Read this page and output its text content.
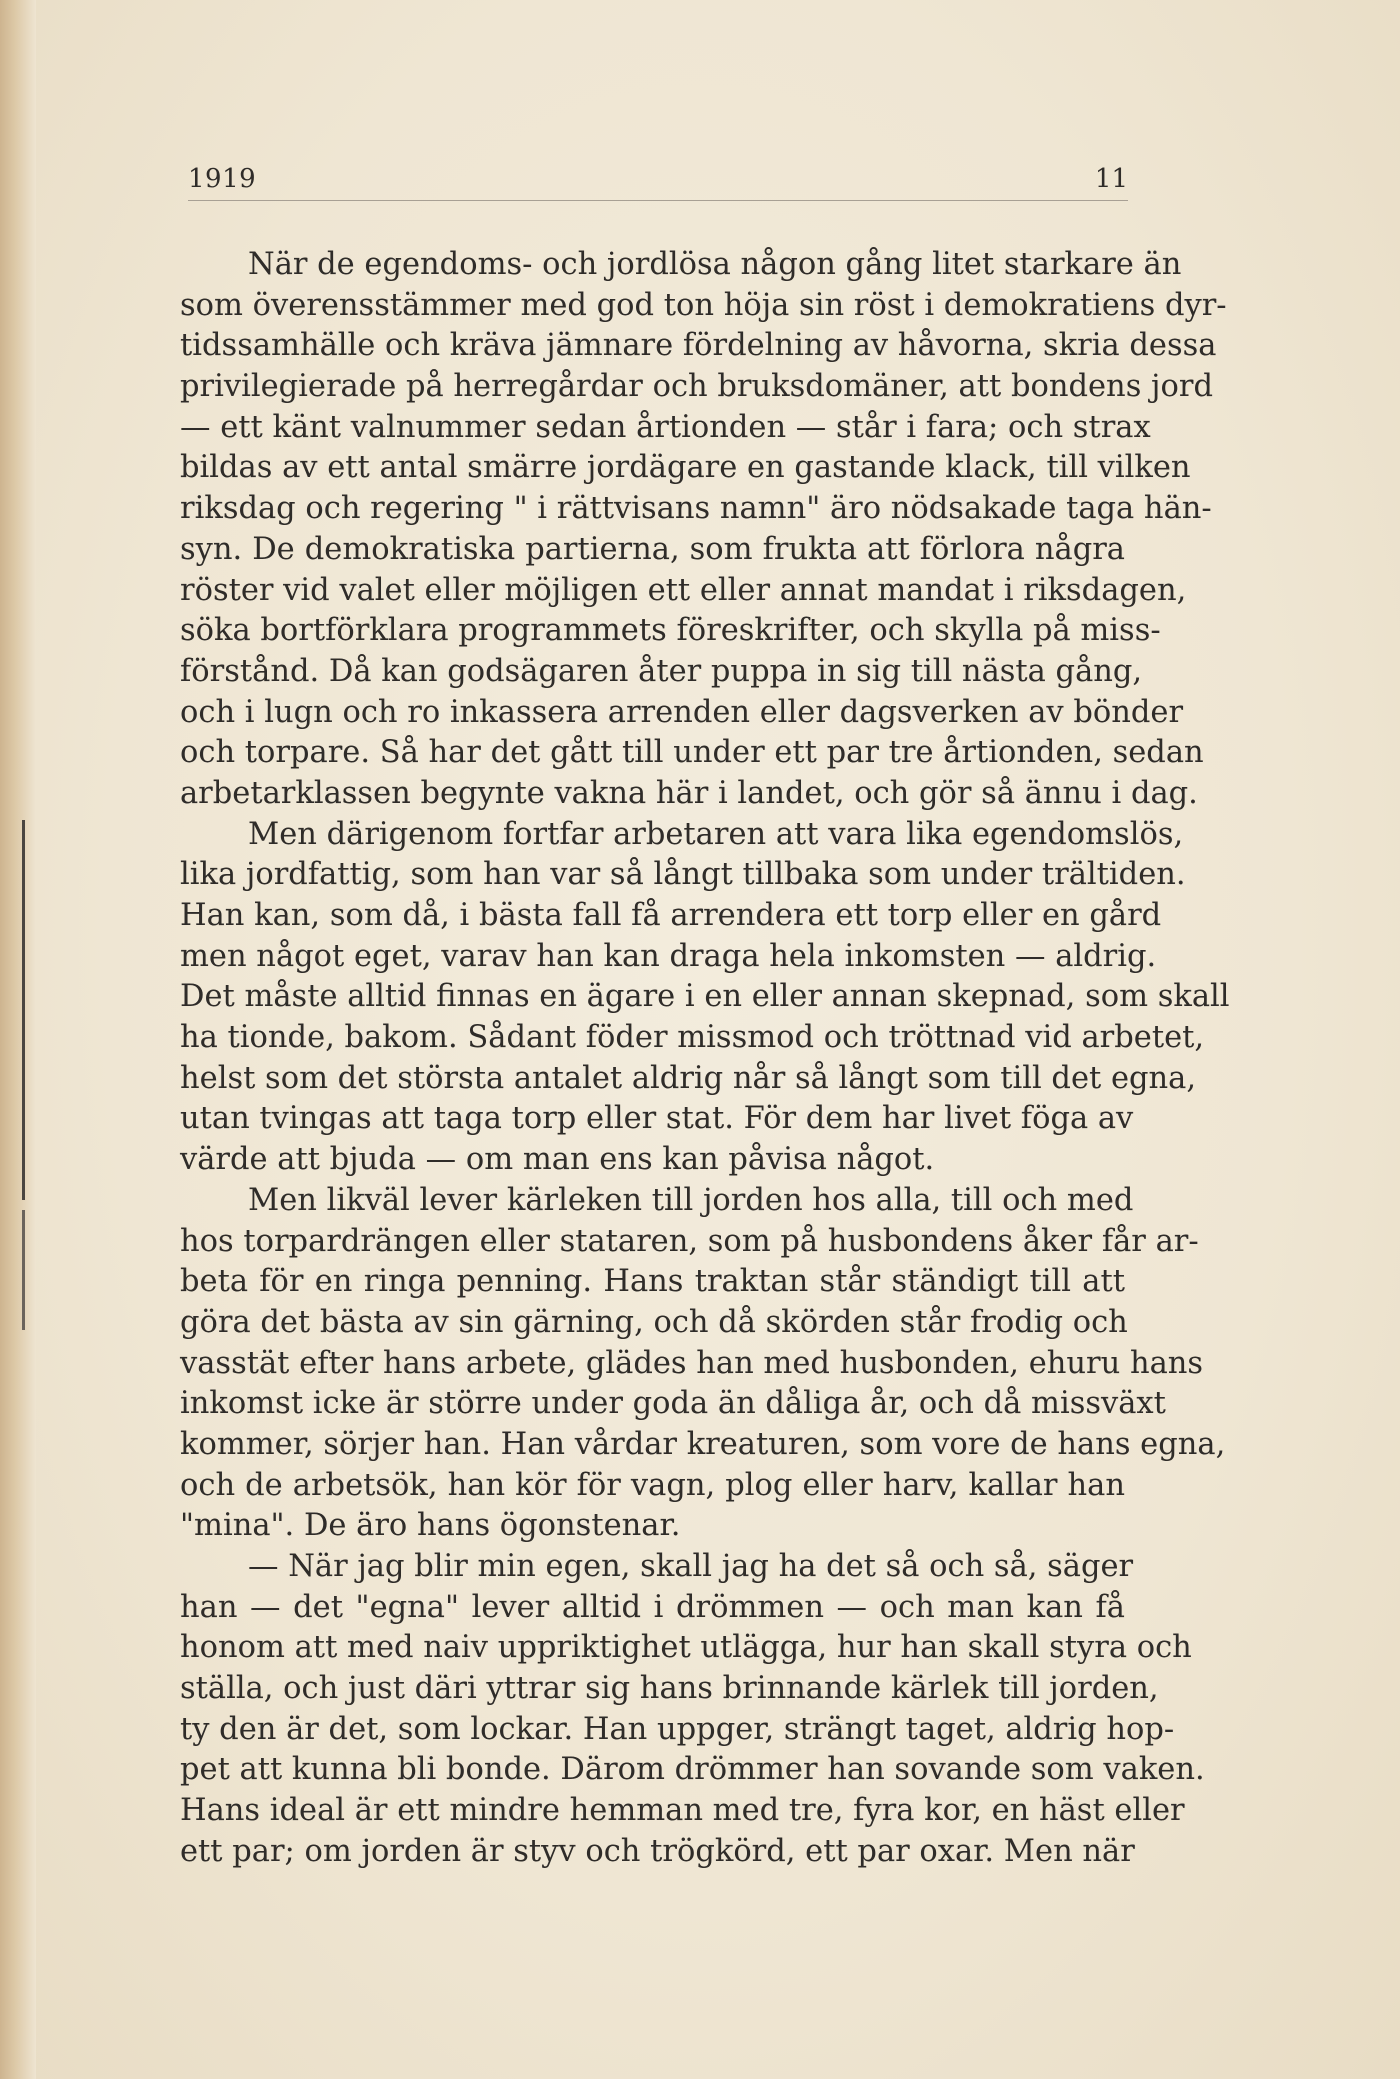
1919	11
När de egendoms- och jordlösa någon gång litet starkare än
som överensstämmer med god ton höja sin röst i demokratiens dyr-
tidssamhälle och kräva jämnare fördelning av håvorna, skria dessa
privilegierade på herregårdar och bruksdomäner, att bondens jord
— ett känt valnummer sedan årtionden — står i fara; och strax
bildas av ett antal smärre jordägare en gastande klack, till vilken
riksdag och regering " i rättvisans namn" äro nödsakade taga hän-
syn. De demokratiska partierna, som frukta att förlora några
röster vid valet eller möjligen ett eller annat mandat i riksdagen,
söka bortförklara programmets föreskrifter, och skylla på miss-
förstånd. Då kan godsägaren åter puppa in sig till nästa gång,
och i lugn och ro inkassera arrenden eller dagsverken av bönder
och torpare. Så har det gått till under ett par tre årtionden, sedan
arbetarklassen begynte vakna här i landet, och gör så ännu i dag.
Men därigenom fortfar arbetaren att vara lika egendomslös,
lika jordfattig, som han var så långt tillbaka som under trältiden.
Han kan, som då, i bästa fall få arrendera ett torp eller en gård
men något eget, varav han kan draga hela inkomsten — aldrig.
Det måste alltid finnas en ägare i en eller annan skepnad, som skall
ha tionde, bakom. Sådant föder missmod och tröttnad vid arbetet,
helst som det största antalet aldrig når så långt som till det egna,
utan tvingas att taga torp eller stat. För dem har livet föga av
värde att bjuda — om man ens kan påvisa något.
Men likväl lever kärleken till jorden hos alla, till och med
hos torpardrängen eller stataren, som på husbondens åker får ar-
beta för en ringa penning. Hans traktan står ständigt till att
göra det bästa av sin gärning, och då skörden står frodig och
vasstät efter hans arbete, glädes han med husbonden, ehuru hans
inkomst icke är större under goda än dåliga år, och då missväxt
kommer, sörjer han. Han vårdar kreaturen, som vore de hans egna,
och de arbetsök, han kör för vagn, plog eller harv, kallar han
"mina". De äro hans ögonstenar.
— När jag blir min egen, skall jag ha det så och så, säger
han — det "egna" lever alltid i drömmen — och man kan få
honom att med naiv uppriktighet utlägga, hur han skall styra och
ställa, och just däri yttrar sig hans brinnande kärlek till jorden,
ty den är det, som lockar. Han uppger, strängt taget, aldrig hop-
pet att kunna bli bonde. Därom drömmer han sovande som vaken.
Hans ideal är ett mindre hemman med tre, fyra kor, en häst eller
ett par; om jorden är styv och trögkörd, ett par oxar. Men när
